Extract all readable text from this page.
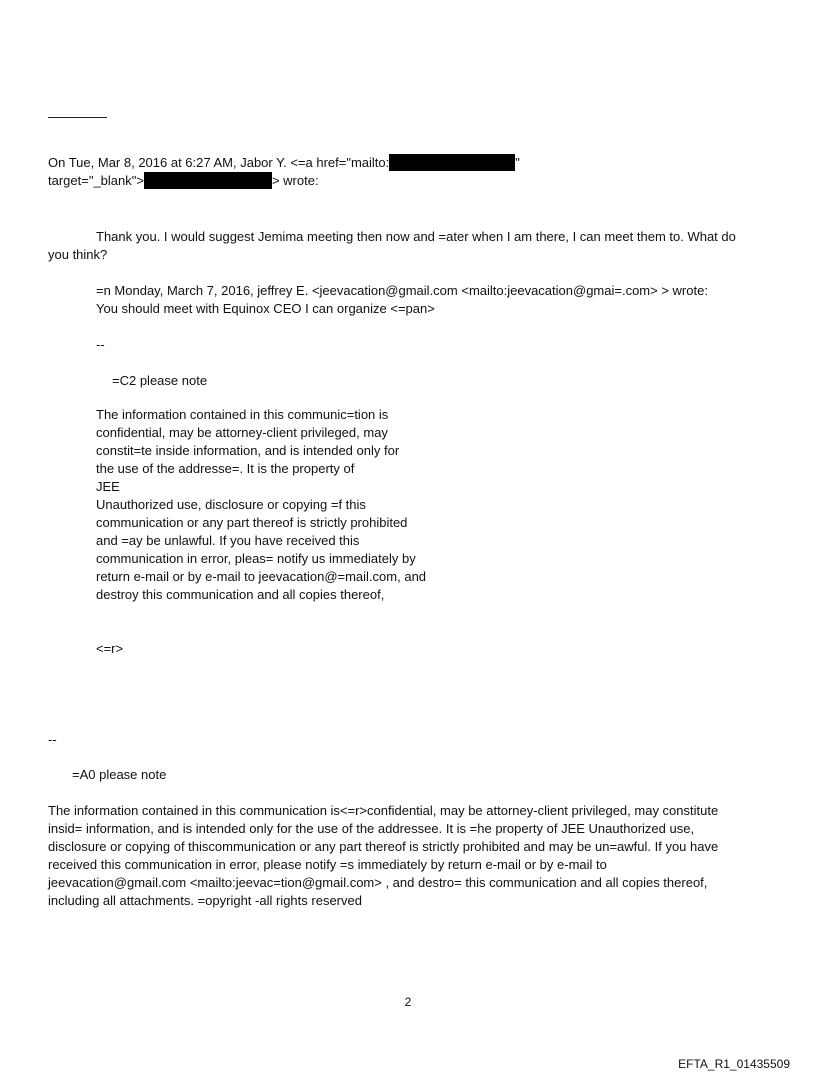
On Tue, Mar 8, 2016 at 6:27 AM, Jabor Y. <=a href="mailto:	"
target="_blank">	> wrote:
Thank you. I would suggest Jemima meeting then now and =ater when I am there, I can meet them to. What do
you think?
=n Monday, March 7, 2016, jeffrey E. <jeevacation@gmail.com <mailto:jeevacation@gmai=.com> > wrote:
You should meet with Equinox CEO I can organize <=pan>
--
=C2 please note
The information contained in this communic=tion is
confidential, may be attorney-client privileged, may
constit=te inside information, and is intended only for
the use of the addresse=. It is the property of
JEE
Unauthorized use, disclosure or copying =f this
communication or any part thereof is strictly prohibited
and =ay be unlawful. If you have received this
communication in error, pleas= notify us immediately by
return e-mail or by e-mail to jeevacation@=mail.com, and
destroy this communication and all copies thereof,
<=r>
--
=A0 please note
The information contained in this communication is<=r>confidential, may be attorney-client privileged, may constitute
insid= information, and is intended only for the use of the addressee. It is =he property of JEE Unauthorized use,
disclosure or copying of thiscommunication or any part thereof is strictly prohibited and may be un=awful. If you have
received this communication in error, please notify =s immediately by return e-mail or by e-mail to
jeevacation@gmail.com <mailto:jeevac=tion@gmail.com> , and destro= this communication and all copies thereof,
including all attachments. =opyright -all rights reserved
2
EFTA_R1_01435509
